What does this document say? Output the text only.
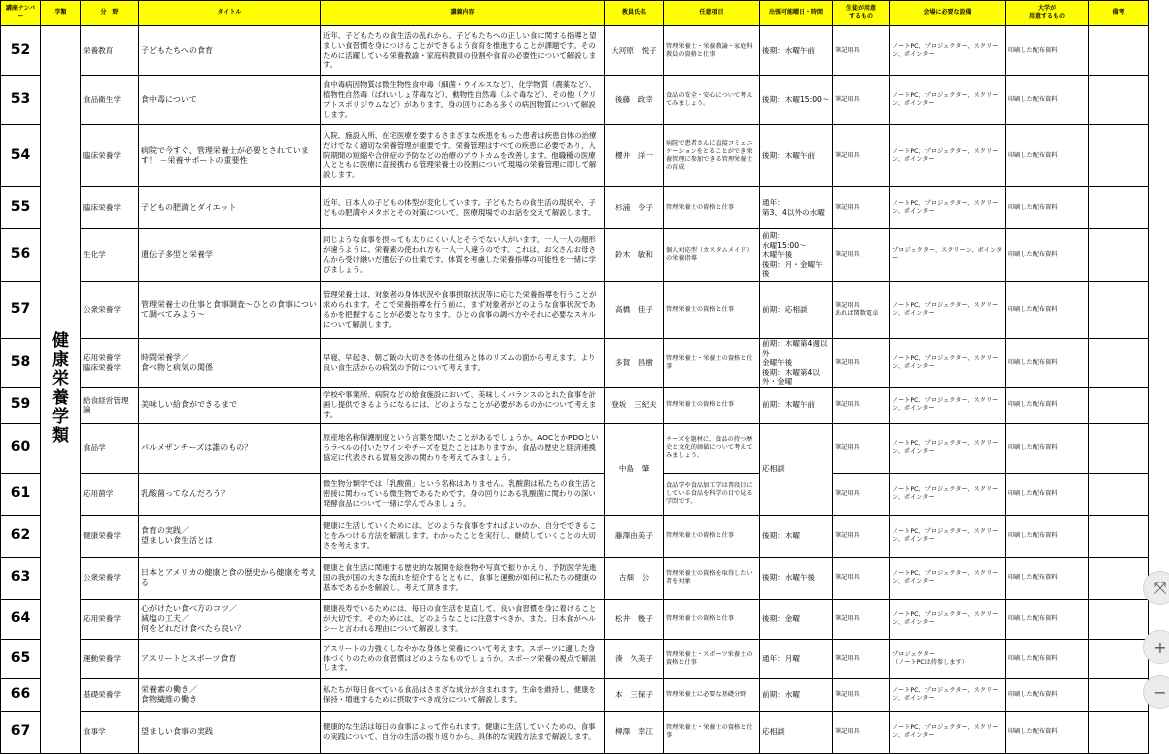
講座ナンバー	学類	分　野	タイトル	講義内容	教員氏名	任意項目	出張可能曜日・時間	生徒が用意
するもの	会場に必要な設備	大学が
用意するもの	備考
52	健康栄養学類	栄養教育	子どもたちへの食育	近年、子どもたちの食生活の乱れから、子どもたちへの正しい食に関する指導と望ましい食習慣を身につけることができるよう食育を推進することが課題です。そのために活躍している栄養教諭・家庭科教員の役割や食育の必要性について解説します。	大河原　悦子	管理栄養士・栄養教諭・家庭科教員の資格と仕事	後期：水曜午前	筆記用具	ノートPC、プロジェクター、スクリーン、ポインター	印刷した配布資料	
53		食品衛生学	食中毒について	食中毒病因物質は微生物性食中毒（細菌・ウイルスなど）、化学物質（農薬など）、植物性自然毒（ばれいしょ芽毒など）、動物性自然毒（ふぐ毒など）、その他（クリプトスポリジウムなど）があります。身の回りにある多くの病因物質について解説します。	後藤　政幸	食品の安全・安心について考えてみましょう。	後期：木曜15:00～	筆記用具	ノートPC、プロジェクター、スクリーン、ポインター	印刷した配布資料	
54		臨床栄養学	病院で今すぐ、管理栄養士が必要とされています！ －栄養サポートの重要性	入院、施設入所、在宅医療を要するさまざまな疾患をもった患者は疾患自体の治療だけでなく適切な栄養管理が重要です。栄養管理はすべての疾患に必要であり、入院期間の短縮や合併症の予防などの治療のアウトカムを改善します。他職種の医療人とともに医療に直接携わる管理栄養士の役割について現場の栄養管理に即して解説します。	櫻井　洋一	病院で患者さんに直接コミュニケーションをとることができ栄養管理に参加できる管理栄養士の育成	後期：木曜午前	筆記用具	ノートPC、プロジェクター、スクリーン、ポインター	印刷した配布資料	
55		臨床栄養学	子どもの肥満とダイエット	近年、日本人の子どもの体型が変化しています。子どもたちの食生活の現状や、子どもの肥満やメタボとその対策について、医療現場でのお話を交えて解説します。	杉浦　令子	管理栄養士の資格と仕事	通年：
第3、4以外の水曜	筆記用具	ノートPC、プロジェクター、スクリーン、ポインター	印刷した配布資料	
56		生化学	遺伝子多型と栄養学	同じような食事を摂っても太りにくい人とそうでない人がいます。一人一人の顔形が違うように、栄養素の使われ方も一人一人違うのです。これは、お父さんお母さんから受け継いだ遺伝子の仕業です。体質を考慮した栄養指導の可能性を一緒に学びましょう。	鈴木　敏和	個人対応型（カスタムメイド）の栄養指導	前期：
水曜15:00～
木曜午後
後期：月・金曜午後	筆記用具	プロジェクター、スクリーン、ポインター	印刷した配布資料	
57		公衆栄養学	管理栄養士の仕事と食事調査～ひとの食事について調べてみよう～	管理栄養士は、対象者の身体状況や食事摂取状況等に応じた栄養指導を行うことが求められます。そこで栄養指導を行う前に、まず対象者がどのような食事状況であるかを把握することが必要となります。ひとの食事の調べ方やそれに必要なスキルについて解説します。	高橋　佳子	管理栄養士の資格と仕事	前期：応相談	筆記用具
あれば関数電卓	ノートPC、プロジェクター、スクリーン、ポインター	印刷した配布資料	
58		応用栄養学
臨床栄養学	時間栄養学／
食べ物と病気の関係	早寝、早起き、朝ご飯の大切さを体の仕組みと体のリズムの面から考えます。より良い食生活からの病気の予防について考えます。	多賀　昌樹	管理栄養士・栄養士の資格と仕事	前期：木曜第4週以外
金曜午後
後期：木曜第4以外・金曜	筆記用具	ノートPC、プロジェクター、スクリーン、ポインター	印刷した配布資料	
59		給食経営管理論	美味しい給食ができるまで	学校や事業所、病院などの給食施設において、美味しくバランスのとれた食事を計画し提供できるようになるには、どのようなことが必要があるのかについて考えます。	登坂　三紀夫	管理栄養士の資格と仕事	前期：木曜午前	筆記用具	ノートPC、プロジェクター、スクリーン、ポインター	印刷した配布資料	
60		食品学	パルメザンチーズは誰のもの？	原産地名称保護制度という言葉を聞いたことがあるでしょうか。AOCとかPDOというラベルの付いたワインやチーズを見たことはありますか。食品の歴史と経済連携協定に代表される貿易交渉の関わりを考えてみましょう。	中島　肇	チーズを題材に、食品の持つ歴史と文化的価値について考えてみましょう。	応相談	筆記用具	ノートPC、プロジェクター、スクリーン、ポインター	印刷した配布資料	
61		応用菌学	乳酸菌ってなんだろう？	微生物分類学では「乳酸菌」という名称はありません。乳酸菌は私たちの食生活と密接に関わっている微生物であるためです。身の回りにある乳酸菌に関わりの深い発酵食品について一緒に学んでみましょう。		食品学や食品加工学は普段目にしている食品を科学の目で見る学問です。		筆記用具	ノートPC、プロジェクター、スクリーン、ポインター	印刷した配布資料	
62		健康栄養学	食育の実践／
望ましい食生活とは	健康に生活していくためには、どのような食事をすればよいのか、自分でできることをみつける方法を解説します。わかったことを実行し、継続していくことの大切さを考えます。	藤澤由美子	管理栄養士の資格と仕事	後期：木曜	筆記用具	ノートPC、プロジェクター、スクリーン、ポインター	印刷した配布資料	
63		公衆栄養学	日本とアメリカの健康と食の歴史から健康を考える	健康と食生活に関連する歴史的な展開を絵巻物や写真で振りかえり、予防医学先進国の我が国の大きな流れを紹介するとともに、食事と運動が如何に私たちの健康の基本であるかを解説し、考えて頂きます。	古畑　公	管理栄養士の資格を取得したい者を対象	後期：水曜午後	筆記用具	ノートPC、プロジェクター、スクリーン、ポインター	印刷した配布資料	
64		応用栄養学	心がけたい食べ方のコツ／
減塩の工夫／
何をどれだけ食べたら良い？	健康長寿でいるためには、毎日の食生活を見直して、良い食習慣を身に着けることが大切です。そのためには、どのようなことに注意すべきか、また、日本食がヘルシーと言われる理由について解説します。	松井　幾子	管理栄養士の資格と仕事	後期：金曜	筆記用具	ノートPC、プロジェクター、スクリーン、ポインター	印刷した配布資料	
65		運動栄養学	アスリートとスポーツ食育	アスリートの力強くしなやかな身体と栄養について考えます。スポーツに適した身体づくりのための食習慣はどのようなものでしょうか。スポーツ栄養の視点で解説します。	湊　久美子	管理栄養士・スポーツ栄養士の資格と仕事	通年：月曜	筆記用具	プロジェクター
（ノートPCは持参します）	印刷した配布資料	
66		基礎栄養学	栄養素の働き／
食物繊維の働き	私たちが毎日食べている食品はさまざな成分が含まれます。生命を維持し、健康を保持・増進するために摂取すべき成分について解説します。	本　三保子	管理栄養士に必要な基礎分野	前期：水曜	筆記用具	ノートPC、プロジェクター、スクリーン、ポインター	印刷した配布資料	
67		食事学	望ましい食事の実践	健康的な生活は毎日の食事によって作られます。健康に生活していくための、食事の実践について、自分の生活の振り返りから、具体的な実践方法まで解説します。	柳澤　幸江	管理栄養士・栄養士の資格と仕事	応相談	筆記用具	ノートPC、プロジェクター、スクリーン、ポインター	印刷した配布資料	
⤧
+
−
